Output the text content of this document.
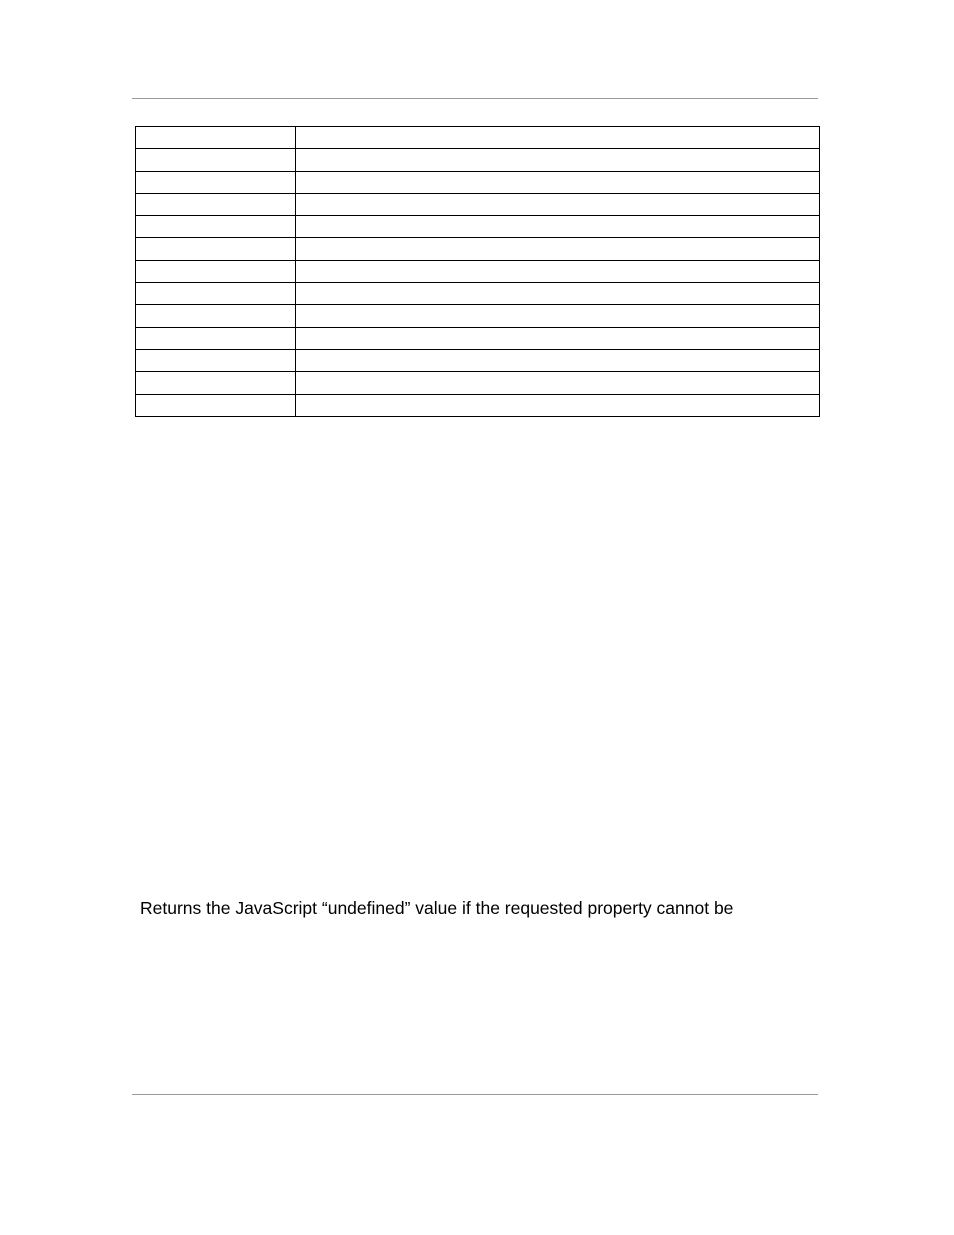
Returns the JavaScript “undefined” value if the requested property cannot be
